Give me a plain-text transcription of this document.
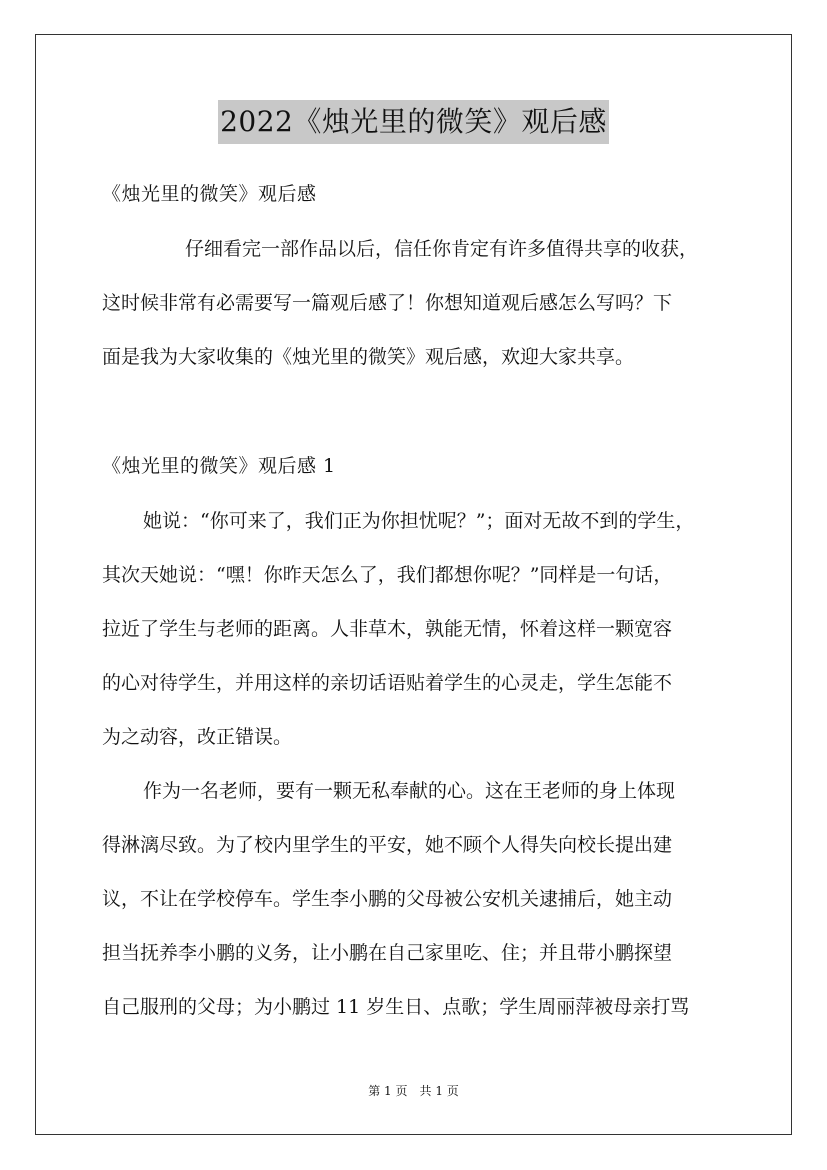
2022《烛光里的微笑》观后感
《烛光里的微笑》观后感
仔细看完一部作品以后，信任你肯定有许多值得共享的收获，
这时候非常有必需要写一篇观后感了！你想知道观后感怎么写吗？下
面是我为大家收集的《烛光里的微笑》观后感，欢迎大家共享。
《烛光里的微笑》观后感 1
她说：“你可来了，我们正为你担忧呢？”；面对无故不到的学生，
其次天她说：“嘿！你昨天怎么了，我们都想你呢？”同样是一句话，
拉近了学生与老师的距离。人非草木，孰能无情，怀着这样一颗宽容
的心对待学生，并用这样的亲切话语贴着学生的心灵走，学生怎能不
为之动容，改正错误。
作为一名老师，要有一颗无私奉献的心。这在王老师的身上体现
得淋漓尽致。为了校内里学生的平安，她不顾个人得失向校长提出建
议，不让在学校停车。学生李小鹏的父母被公安机关逮捕后，她主动
担当抚养李小鹏的义务，让小鹏在自己家里吃、住；并且带小鹏探望
自己服刑的父母；为小鹏过 11 岁生日、点歌；学生周丽萍被母亲打骂
第 1 页　共 1 页
